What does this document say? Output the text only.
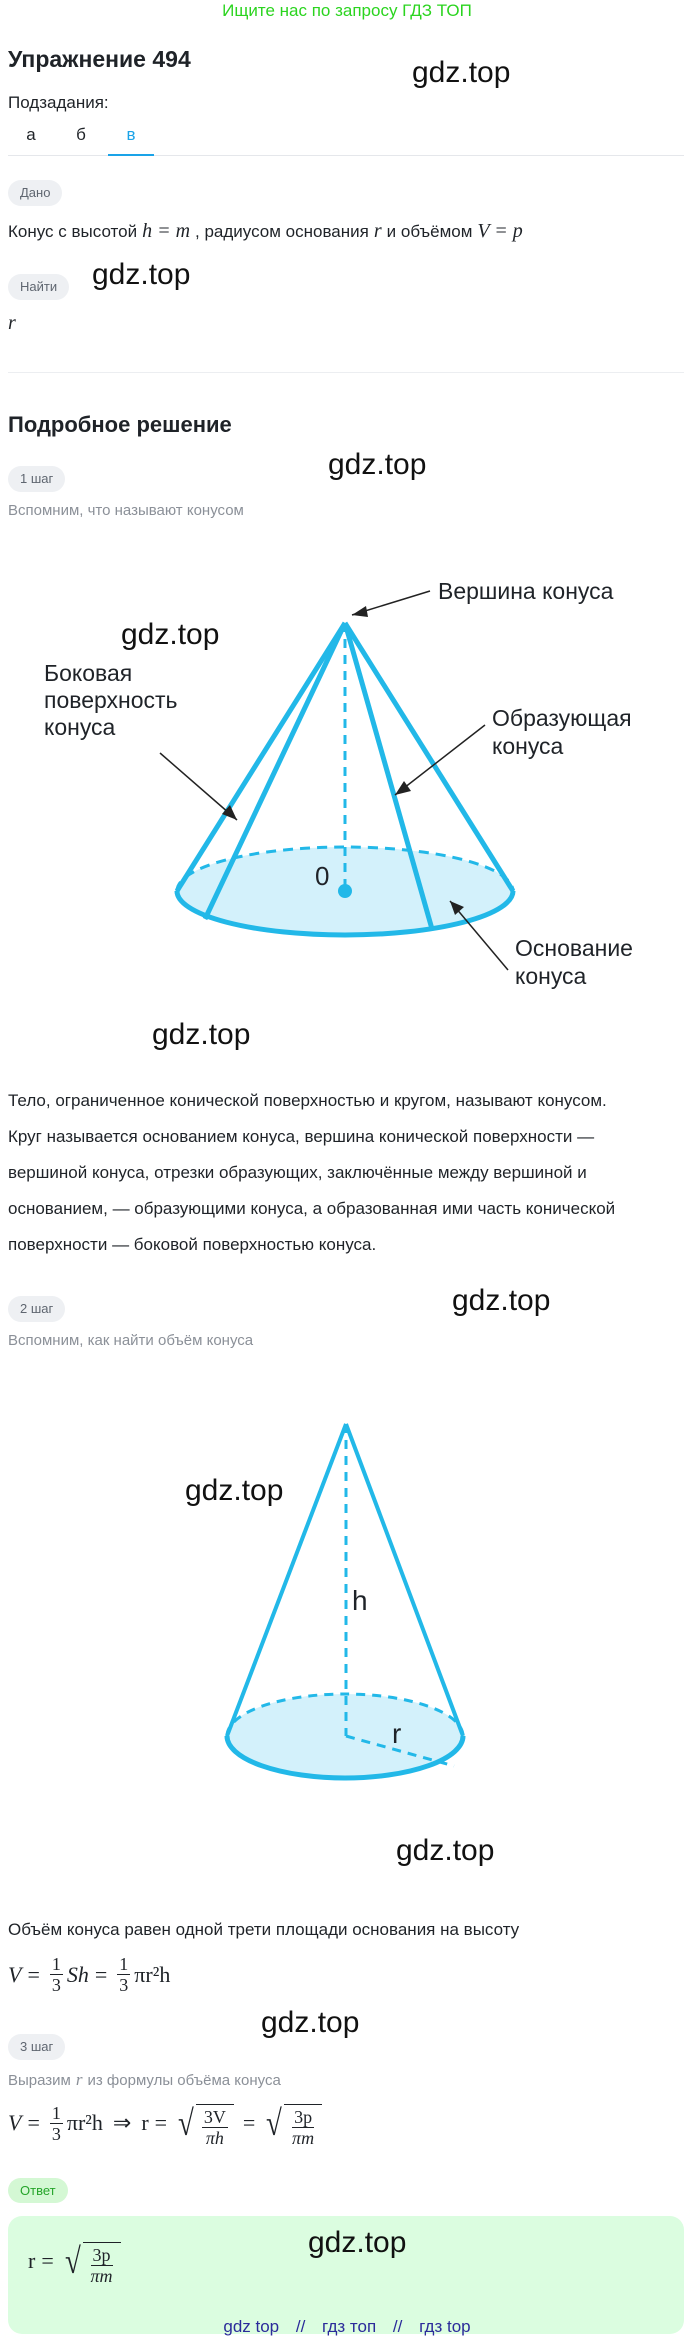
Ищите нас по запросу ГДЗ ТОП
Упражнение 494	gdz.top
Подзадания:
а	б	в
Дано
Конус с высотой h = m , радиусом основания r и объёмом V = p
Найти	gdz.top
r
Подробное решение
1 шаг	gdz.top
Вспомним, что называют конусом
Вершина конуса
Боковая
поверхность
конуса	Образующая
конуса
0
Основание
конуса
gdz.top
gdz.top
Тело, ограниченное конической поверхностью и кругом, называют конусом.
Круг называется основанием конуса, вершина конической поверхности —
вершиной конуса, отрезки образующих, заключённые между вершиной и
основанием, — образующими конуса, а образованная ими часть конической
поверхности — боковой поверхностью конуса.
2 шаг	gdz.top
Вспомним, как найти объём конуса
h
r
gdz.top
gdz.top
Объём конуса равен одной трети площади основания на высоту
$V = \frac{1}{3}$ $Sh = \frac{1}{3} \pi r^2h$
gdz.top
3 шаг
Выразим r из формулы объёма конуса
$V = \frac{1}{3} \pi r^2h$ ⇒ r = √ $\frac{3V}{\pi h}$ = √ $\frac{3p}{\pi m}$
Ответ
r = √ $\frac{3p}{\pi m}$
gdz.top
gdz top // гдз топ // гдз top
